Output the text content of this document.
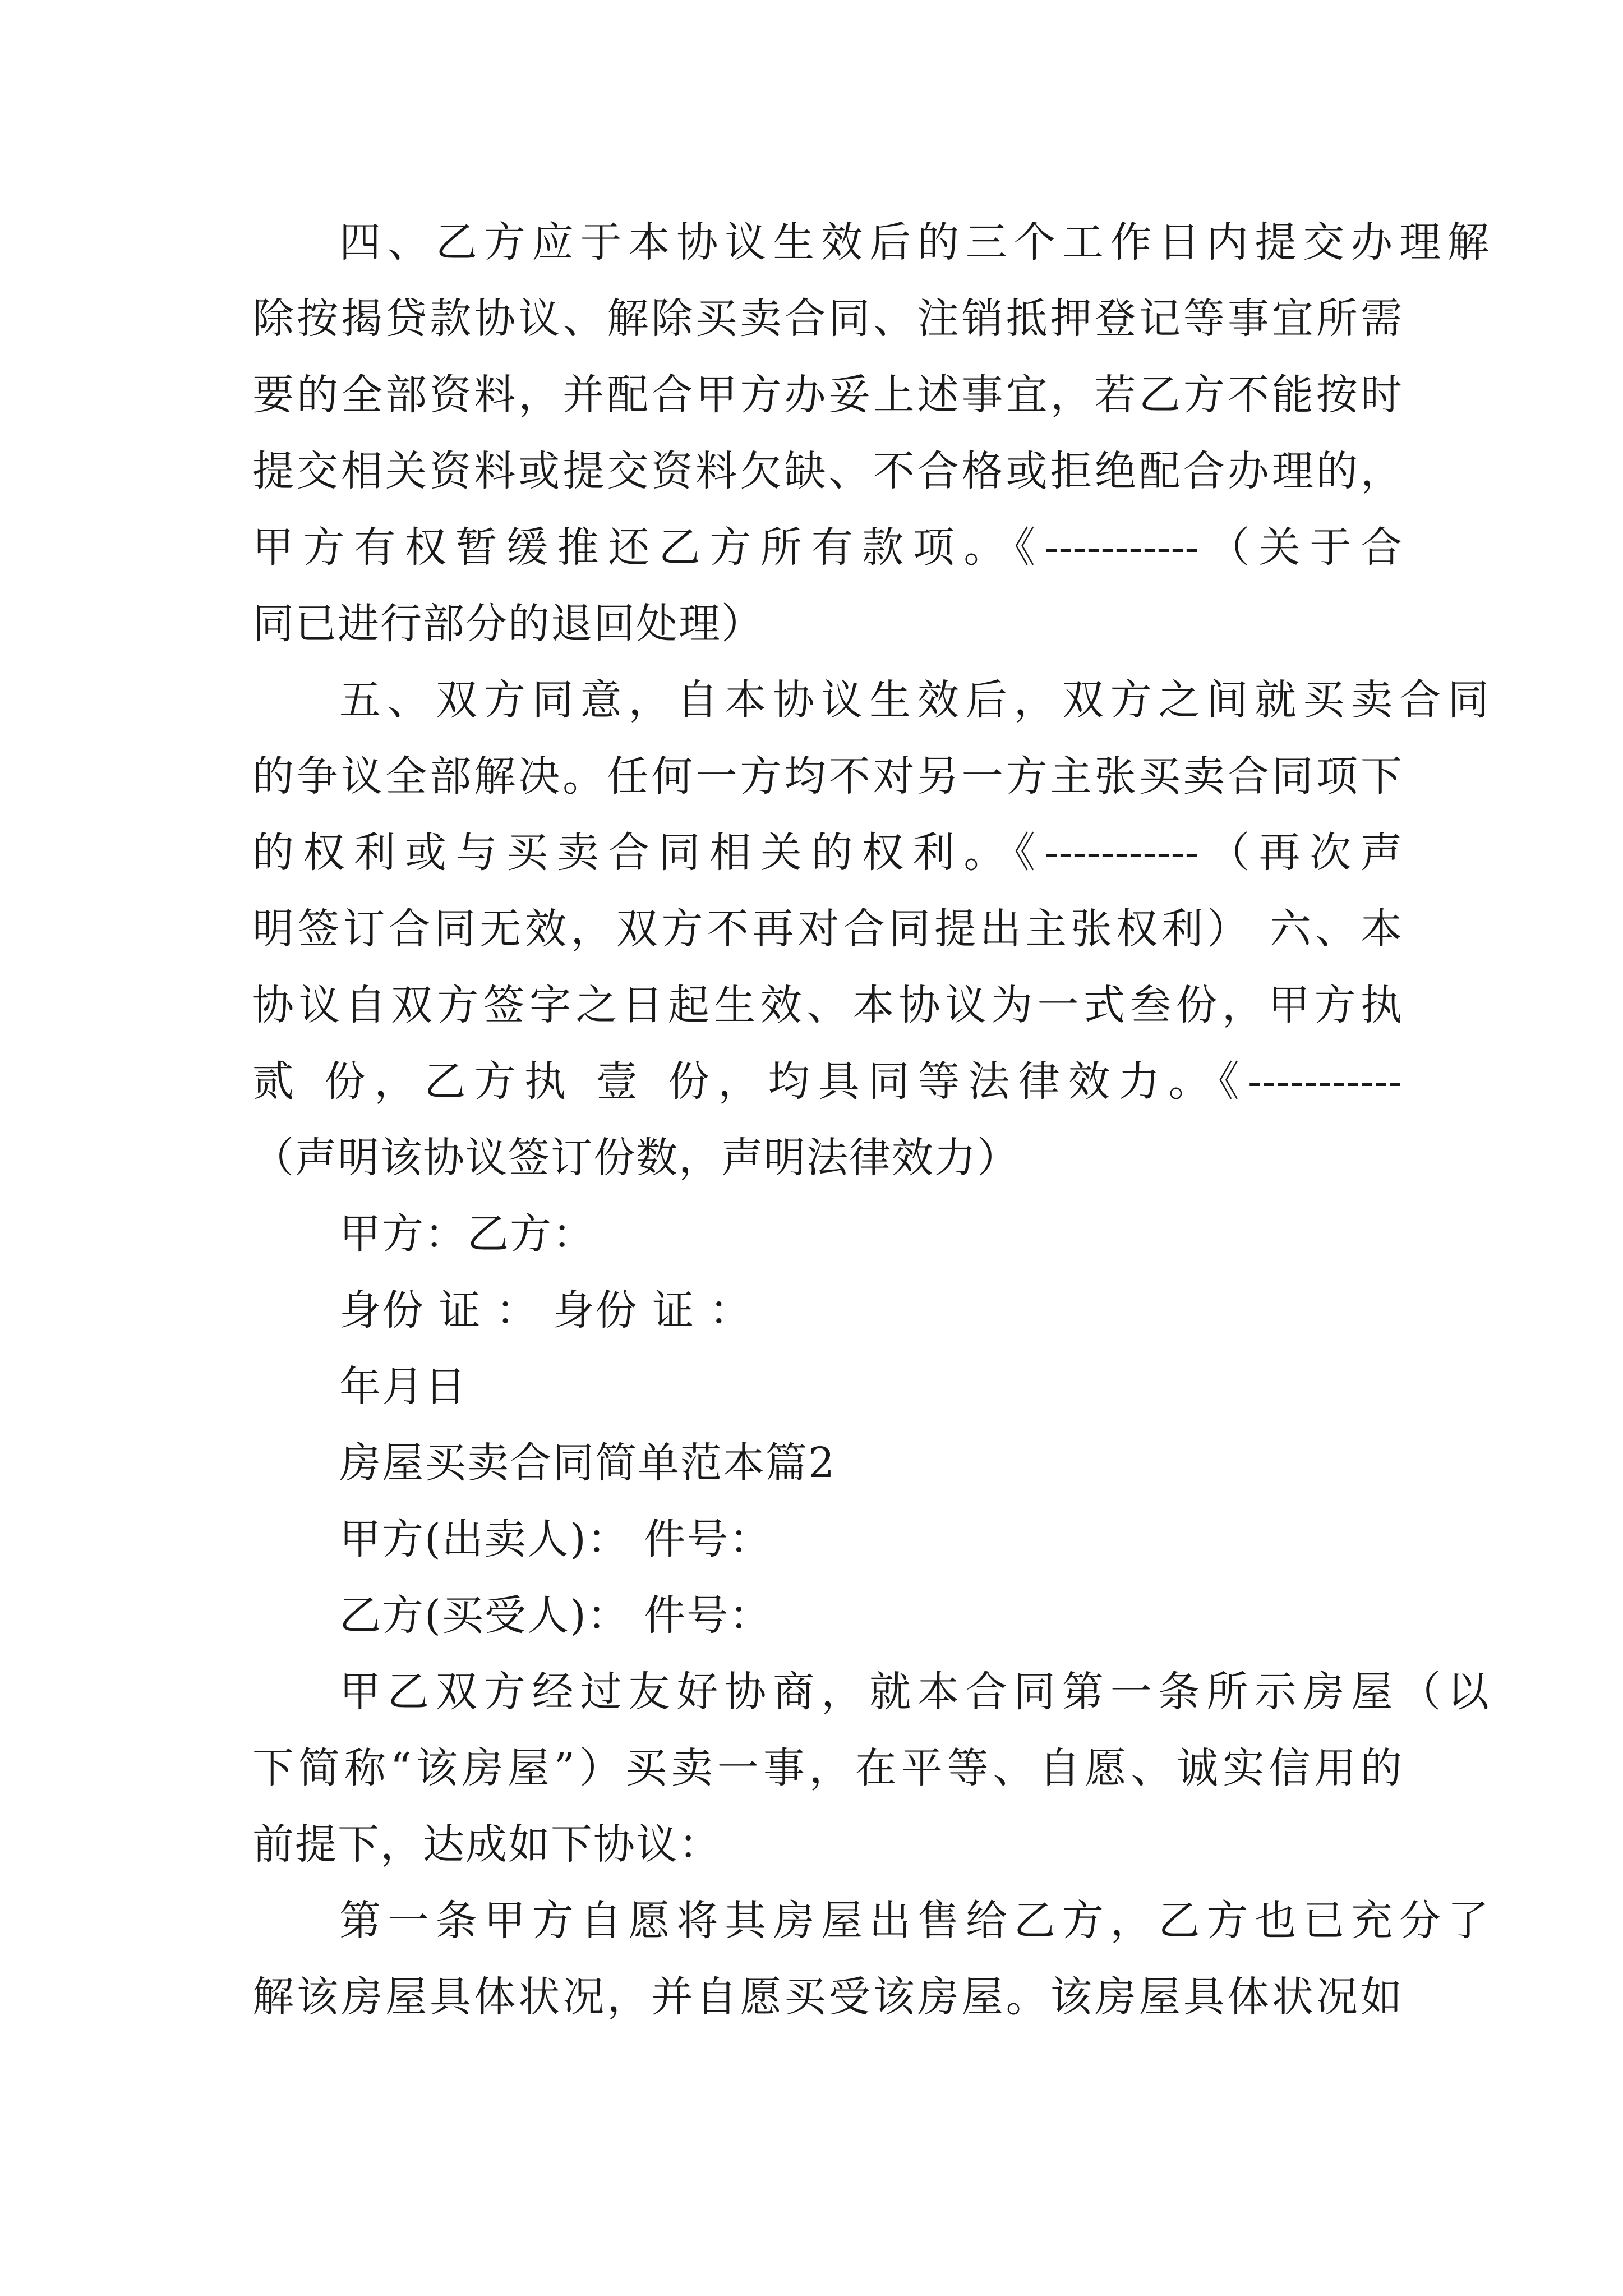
四、乙方应于本协议生效后的三个工作日内提交办理解
除按揭贷款协议、解除买卖合同、注销抵押登记等事宜所需
要的全部资料，并配合甲方办妥上述事宜，若乙方不能按时
提交相关资料或提交资料欠缺、不合格或拒绝配合办理的，
甲方有权暂缓推还乙方所有款项。《-----------（关于合
同已进行部分的退回处理）
五、双方同意，自本协议生效后，双方之间就买卖合同
的争议全部解决。任何一方均不对另一方主张买卖合同项下
的权利或与买卖合同相关的权利。《-----------（再次声
明签订合同无效，双方不再对合同提出主张权利） 六、本
协议自双方签字之日起生效、本协议为一式叁份，甲方执
贰 份，乙方执 壹 份，均具同等法律效力。《-----------
（声明该协议签订份数，声明法律效力）
甲方：乙方：
身份 证 ： 身份 证 ：
年月日
房屋买卖合同简单范本篇2
甲方(出卖人)： 件号：
乙方(买受人)： 件号：
甲乙双方经过友好协商，就本合同第一条所示房屋（以
下简称“该房屋”）买卖一事，在平等、自愿、诚实信用的
前提下，达成如下协议：
第一条甲方自愿将其房屋出售给乙方，乙方也已充分了
解该房屋具体状况，并自愿买受该房屋。该房屋具体状况如
